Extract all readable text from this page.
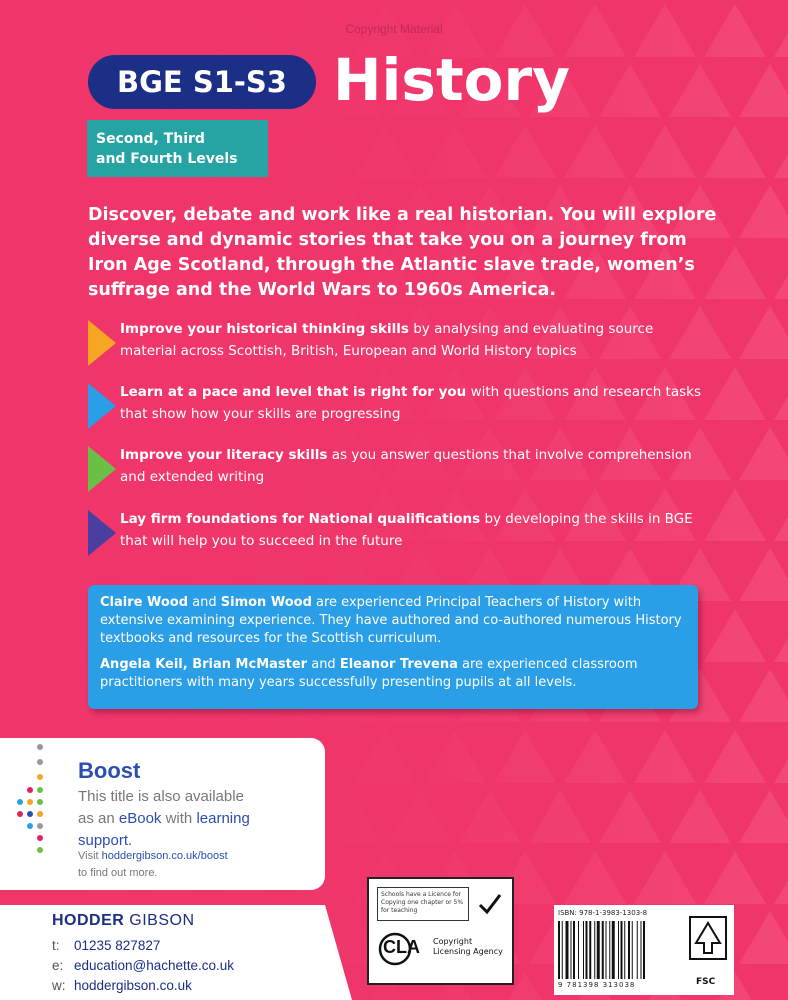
Copyright Material
BGE S1-S3 History
Second, Third
and Fourth Levels
Discover, debate and work like a real historian. You will explore diverse and dynamic stories that take you on a journey from Iron Age Scotland, through the Atlantic slave trade, women’s suffrage and the World Wars to 1960s America.
Improve your historical thinking skills by analysing and evaluating source material across Scottish, British, European and World History topics
Learn at a pace and level that is right for you with questions and research tasks that show how your skills are progressing
Improve your literacy skills as you answer questions that involve comprehension and extended writing
Lay firm foundations for National qualifications by developing the skills in BGE that will help you to succeed in the future

Claire Wood and Simon Wood are experienced Principal Teachers of History with extensive examining experience. They have authored and co-authored numerous History textbooks and resources for the Scottish curriculum.

Angela Keil, Brian McMaster and Eleanor Trevena are experienced classroom practitioners with many years successfully presenting pupils at all levels.

Boost
This title is also available
as an eBook with learning
support.
Visit hoddergibson.co.uk/boost
to find out more.
HODDER GIBSON
t: 01235 827827
e: education@hachette.co.uk
w: hoddergibson.co.uk
Schools have a Licence for Copying one chapter or 5% for teaching
CLA Copyright Licensing Agency
ISBN: 978-1-3983-1303-8
9 781398 313038	FSC
